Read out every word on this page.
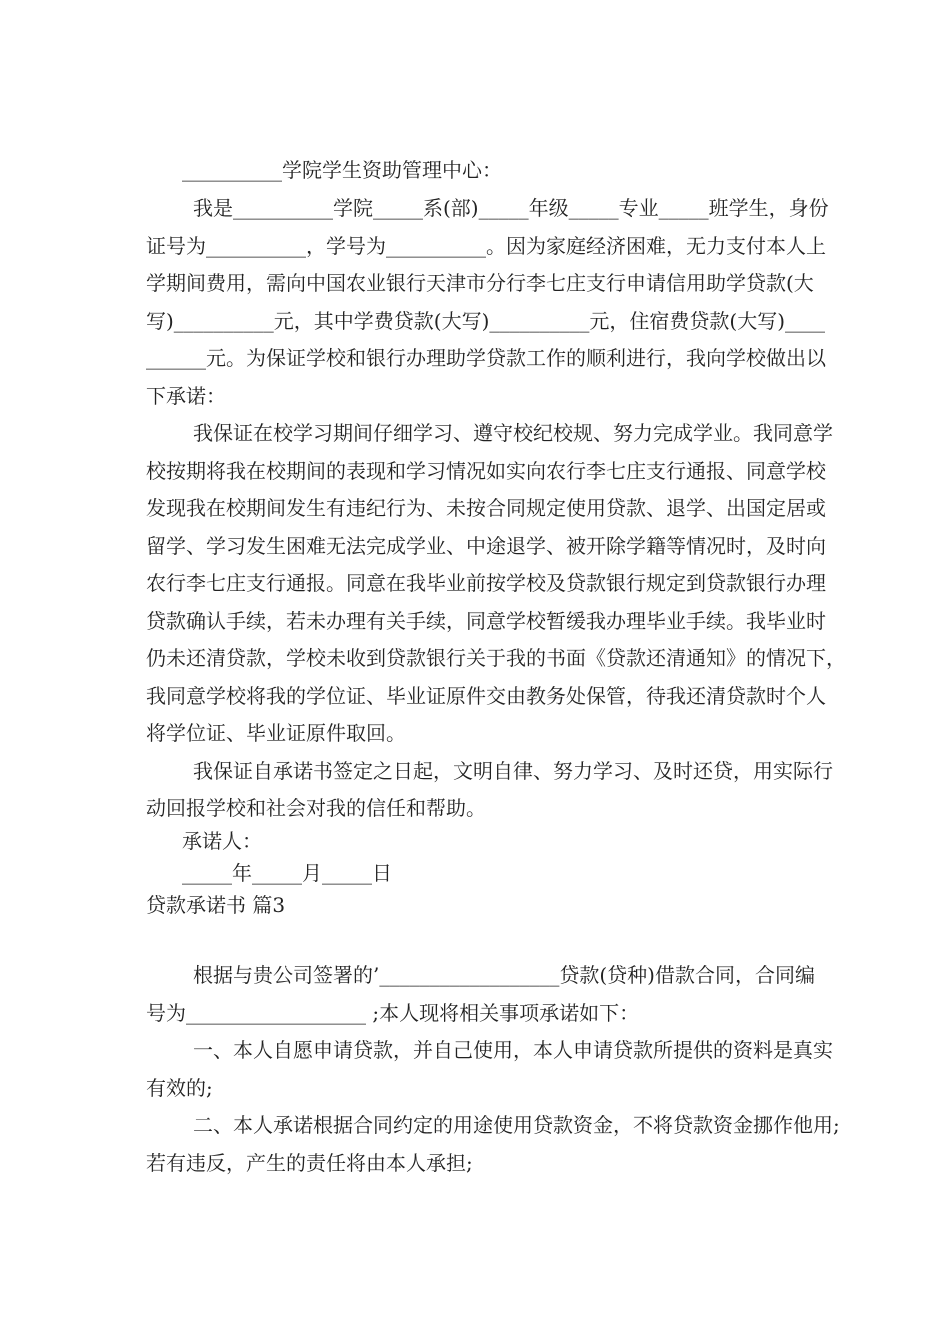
__________学院学生资助管理中心：
我是__________学院_____系(部)_____年级_____专业_____班学生，身份
证号为__________，学号为__________。因为家庭经济困难，无力支付本人上
学期间费用，需向中国农业银行天津市分行李七庄支行申请信用助学贷款(大
写)__________元，其中学费贷款(大写)__________元，住宿费贷款(大写)____
______元。为保证学校和银行办理助学贷款工作的顺利进行，我向学校做出以
下承诺：
我保证在校学习期间仔细学习、遵守校纪校规、努力完成学业。我同意学
校按期将我在校期间的表现和学习情况如实向农行李七庄支行通报、同意学校
发现我在校期间发生有违纪行为、未按合同规定使用贷款、退学、出国定居或
留学、学习发生困难无法完成学业、中途退学、被开除学籍等情况时，及时向
农行李七庄支行通报。同意在我毕业前按学校及贷款银行规定到贷款银行办理
贷款确认手续，若未办理有关手续，同意学校暂缓我办理毕业手续。我毕业时
仍未还清贷款，学校未收到贷款银行关于我的书面《贷款还清通知》的情况下，
我同意学校将我的学位证、毕业证原件交由教务处保管，待我还清贷款时个人
将学位证、毕业证原件取回。
我保证自承诺书签定之日起，文明自律、努力学习、及时还贷，用实际行
动回报学校和社会对我的信任和帮助。
承诺人：
_____年_____月_____日
贷款承诺书 篇3
根据与贵公司签署的’__________________贷款(贷种)借款合同，合同编
号为__________________ ;本人现将相关事项承诺如下：
一、本人自愿申请贷款，并自己使用，本人申请贷款所提供的资料是真实
有效的;
二、本人承诺根据合同约定的用途使用贷款资金，不将贷款资金挪作他用;
若有违反，产生的责任将由本人承担;
